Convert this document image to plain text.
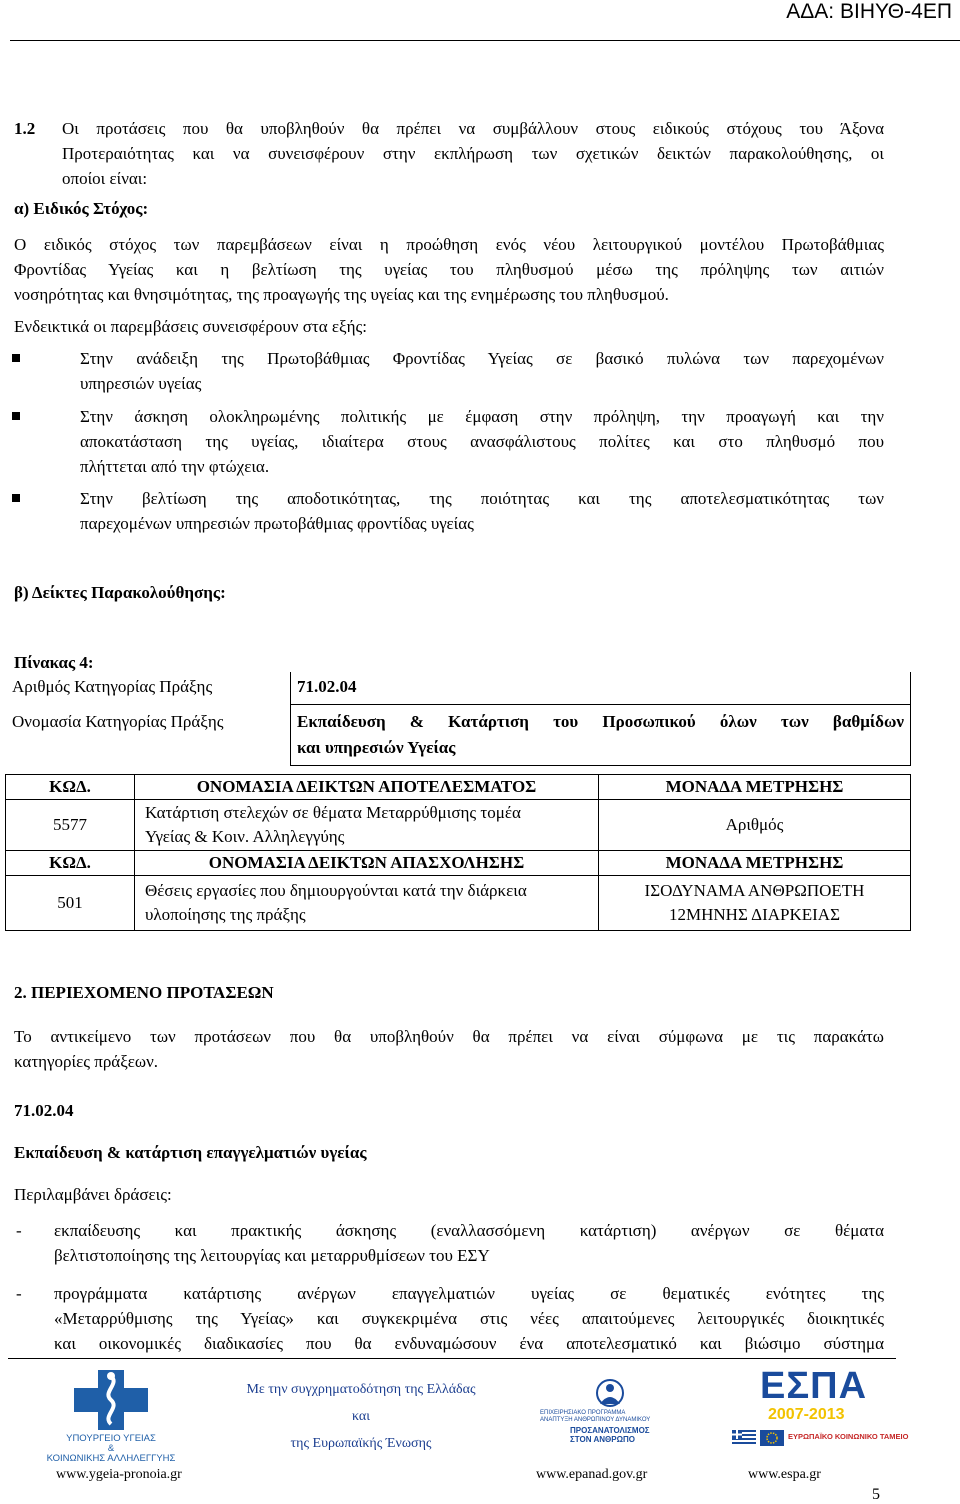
ΑΔΑ: ΒΙΗΥΘ-4ΕΠ
1.2 Οι προτάσεις που θα υποβληθούν θα πρέπει να συμβάλλουν στους ειδικούς στόχους του Άξονα
Προτεραιότητας και να συνεισφέρουν στην εκπλήρωση των σχετικών δεικτών παρακολούθησης, οι
οποίοι είναι:
α) Ειδικός Στόχος:
Ο ειδικός στόχος των παρεμβάσεων είναι η προώθηση ενός νέου λειτουργικού μοντέλου Πρωτοβάθμιας
Φροντίδας Υγείας και η βελτίωση της υγείας του πληθυσμού μέσω της πρόληψης των αιτιών
νοσηρότητας και θνησιμότητας, της προαγωγής της υγείας και της ενημέρωσης του πληθυσμού.
Ενδεικτικά οι παρεμβάσεις συνεισφέρουν στα εξής:
Στην ανάδειξη της Πρωτοβάθμιας Φροντίδας Υγείας σε βασικό πυλώνα των παρεχομένων
υπηρεσιών υγείας
Στην άσκηση ολοκληρωμένης πολιτικής με έμφαση στην πρόληψη, την προαγωγή και την
αποκατάσταση της υγείας, ιδιαίτερα στους ανασφάλιστους πολίτες και στο πληθυσμό που
πλήττεται από την φτώχεια.
Στην βελτίωση της αποδοτικότητας, της ποιότητας και της αποτελεσματικότητας των
παρεχομένων υπηρεσιών πρωτοβάθμιας φροντίδας υγείας
β) Δείκτες Παρακολούθησης:
Πίνακας 4:
Αριθμός Κατηγορίας Πράξης	71.02.04
Ονομασία Κατηγορίας Πράξης	Εκπαίδευση & Κατάρτιση του Προσωπικού όλων των βαθμίδων
και υπηρεσιών Υγείας
ΚΩΔ.	ΟΝΟΜΑΣΙΑ ΔΕΙΚΤΩΝ ΑΠΟΤΕΛΕΣΜΑΤΟΣ	ΜΟΝΑΔΑ ΜΕΤΡΗΣΗΣ
5577	Κατάρτιση στελεχών σε θέματα Μεταρρύθμισης τομέα
Υγείας & Κοιν. Αλληλεγγύης	Αριθμός
ΚΩΔ.	ΟΝΟΜΑΣΙΑ ΔΕΙΚΤΩΝ ΑΠΑΣΧΟΛΗΣΗΣ	ΜΟΝΑΔΑ ΜΕΤΡΗΣΗΣ
501	Θέσεις εργασίες που δημιουργούνται κατά την διάρκεια
υλοποίησης της πράξης	ΙΣΟΔΥΝΑΜΑ ΑΝΘΡΩΠΟΕΤΗ
12ΜΗΝΗΣ ΔΙΑΡΚΕΙΑΣ
2. ΠΕΡΙΕΧΟΜΕΝΟ ΠΡΟΤΑΣΕΩΝ
Το αντικείμενο των προτάσεων που θα υποβληθούν θα πρέπει να είναι σύμφωνα με τις παρακάτω
κατηγορίες πράξεων.
71.02.04
Εκπαίδευση & κατάρτιση επαγγελματιών υγείας
Περιλαμβάνει δράσεις:
- εκπαίδευσης και πρακτικής άσκησης (εναλλασσόμενη κατάρτιση) ανέργων σε θέματα
βελτιστοποίησης της λειτουργίας και μεταρρυθμίσεων του ΕΣΥ
- προγράμματα κατάρτισης ανέργων επαγγελματιών υγείας σε θεματικές ενότητες της
«Μεταρρύθμισης της Υγείας» και συγκεκριμένα στις νέες απαιτούμενες λειτουργικές διοικητικές
και οικονομικές διαδικασίες που θα ενδυναμώσουν ένα αποτελεσματικό και βιώσιμο σύστημα
ΥΠΟΥΡΓΕΙΟ ΥΓΕΙΑΣ
&
ΚΟΙΝΩΝΙΚΗΣ ΑΛΛΗΛΕΓΓΥΗΣ
Με την συγχρηματοδότηση της Ελλάδας
και
της Ευρωπαϊκής Ένωσης
ΕΠΙΧΕΙΡΗΣΙΑΚΟ ΠΡΟΓΡΑΜΜΑ
ΑΝΑΠΤΥΞΗ ΑΝΘΡΩΠΙΝΟΥ ΔΥΝΑΜΙΚΟΥ
ΠΡΟΣΑΝΑΤΟΛΙΣΜΟΣ
ΣΤΟΝ ΑΝΘΡΩΠΟ
ΕΣΠΑ
2007-2013
ΕΥΡΩΠΑΪΚΟ ΚΟΙΝΩΝΙΚΟ ΤΑΜΕΙΟ
www.ygeia-pronoia.gr	www.epanad.gov.gr	www.espa.gr
5
